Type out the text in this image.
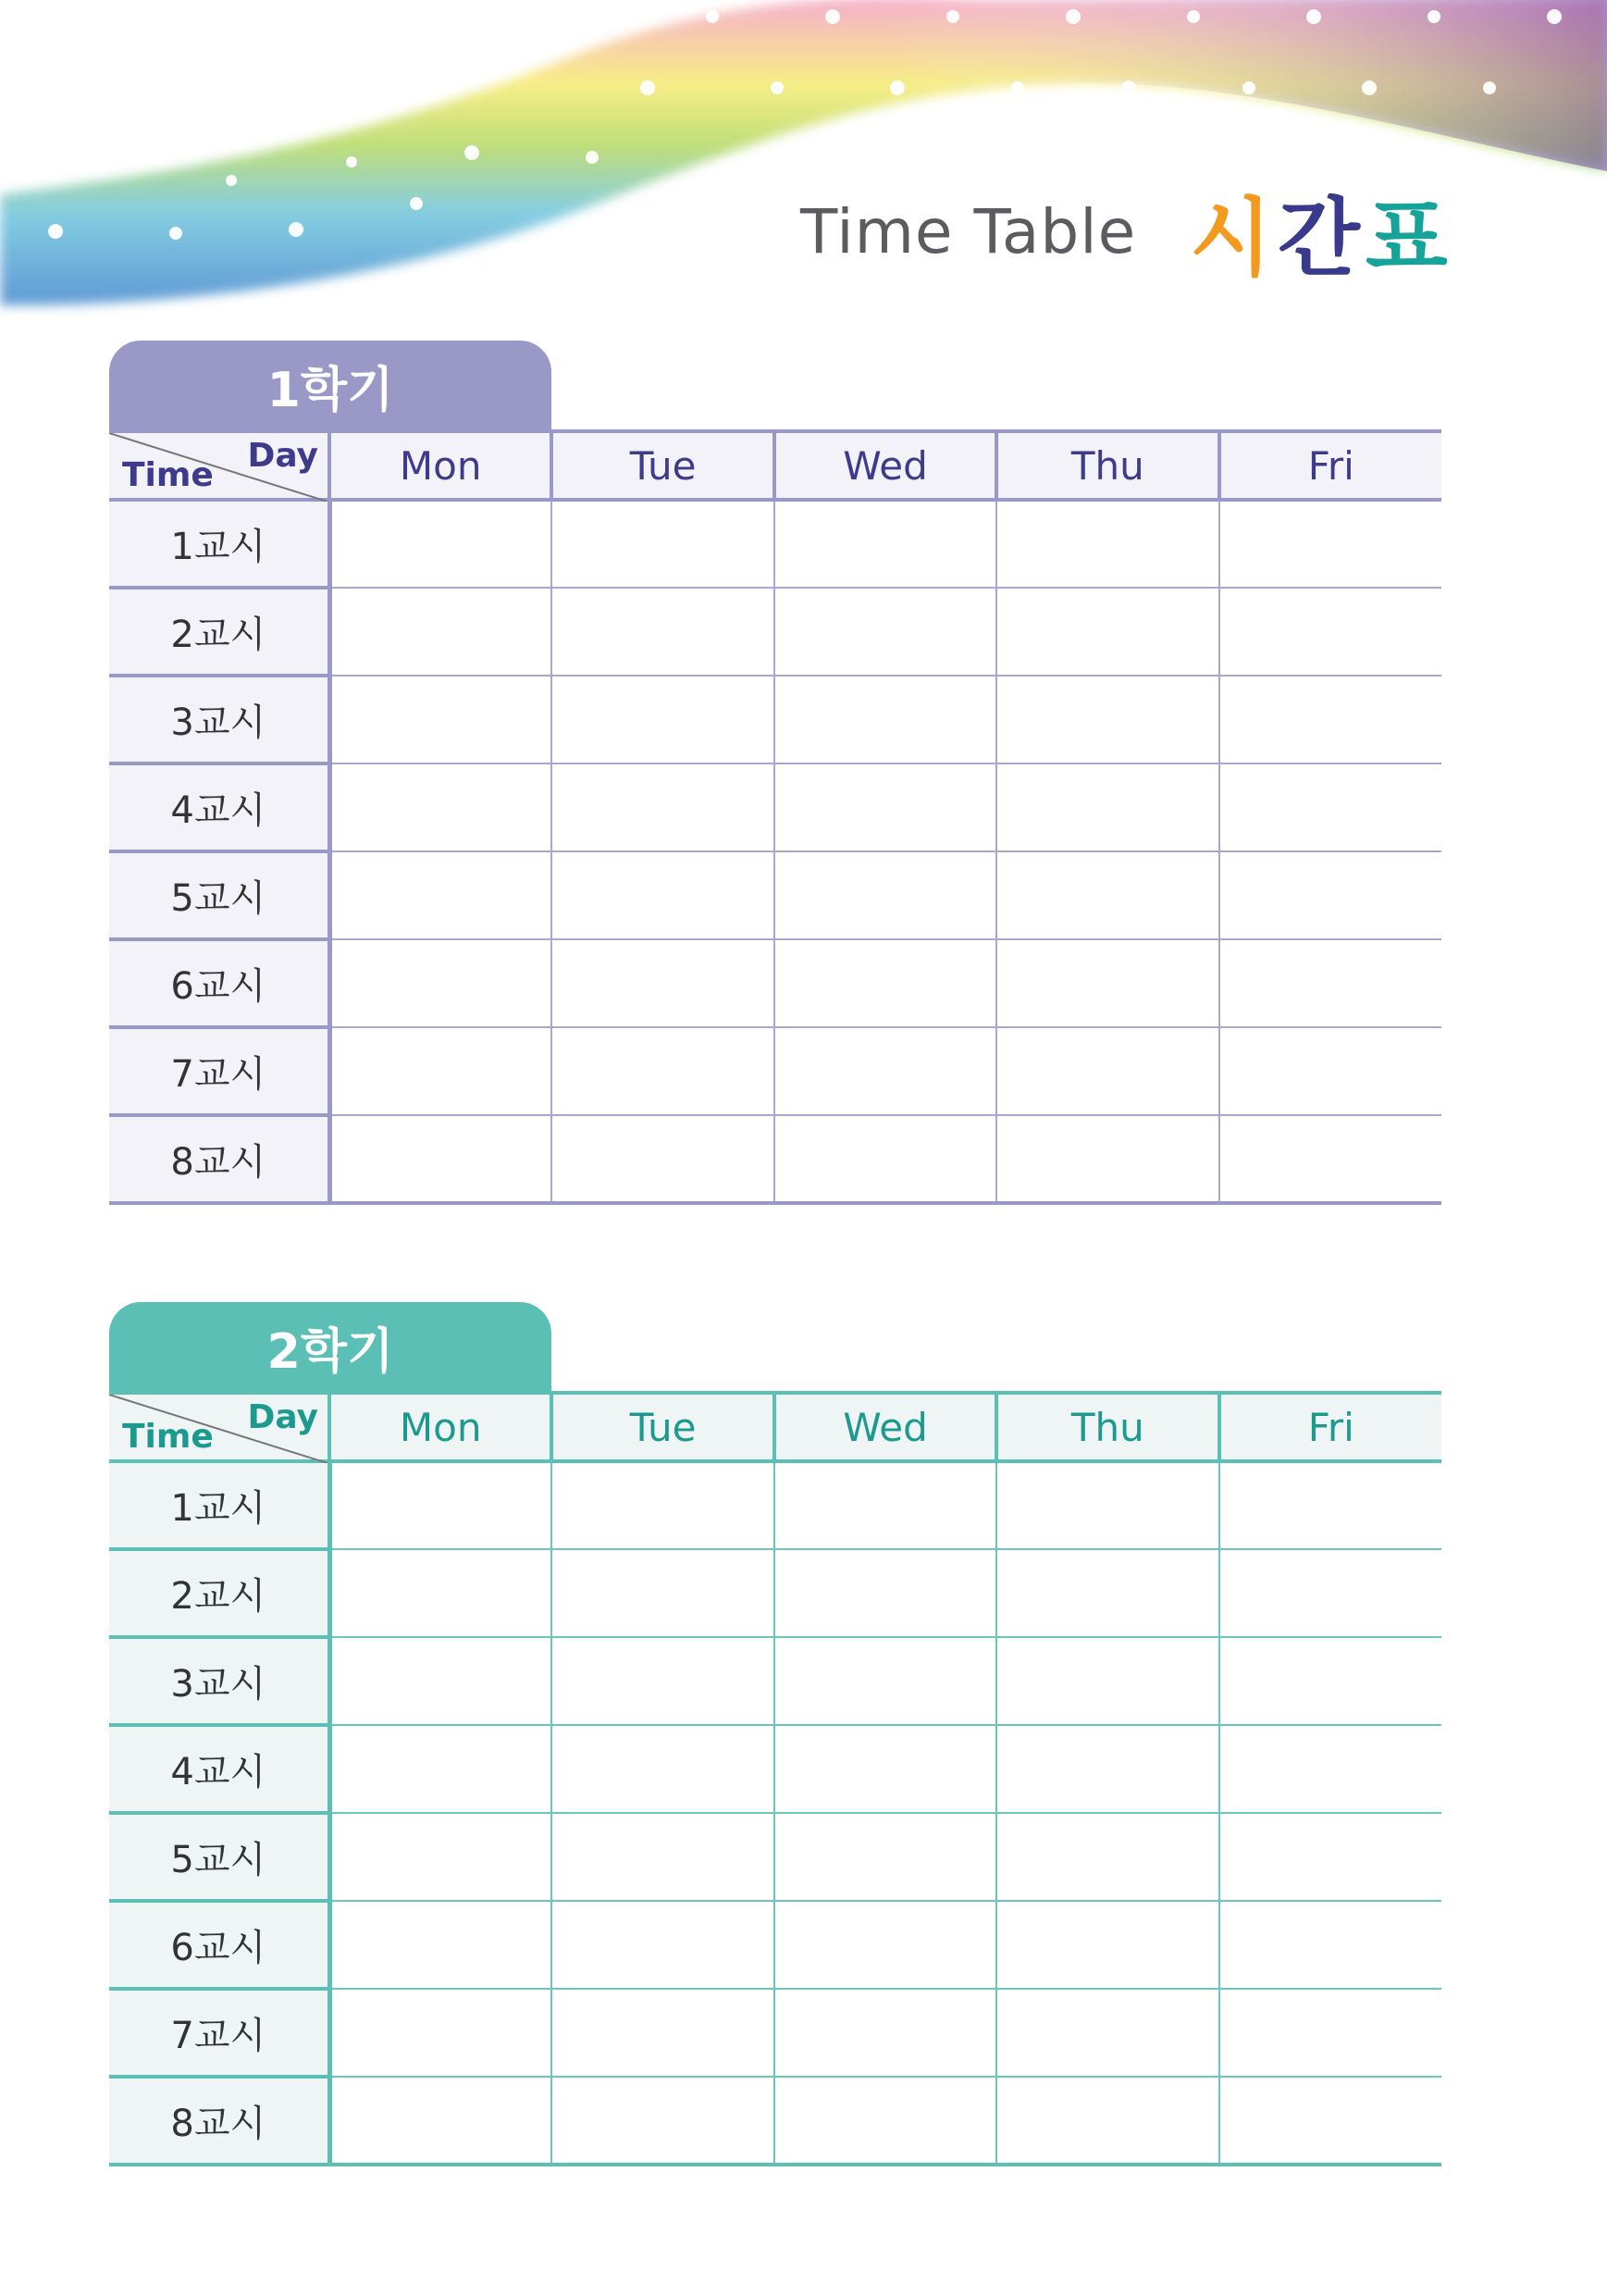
Time Table 시간표
1학기
Day
Time	Mon	Tue	Wed	Thu	Fri
1교시					
2교시					
3교시					
4교시					
5교시					
6교시					
7교시					
8교시					
2학기
Day
Time	Mon	Tue	Wed	Thu	Fri
1교시					
2교시					
3교시					
4교시					
5교시					
6교시					
7교시					
8교시					
